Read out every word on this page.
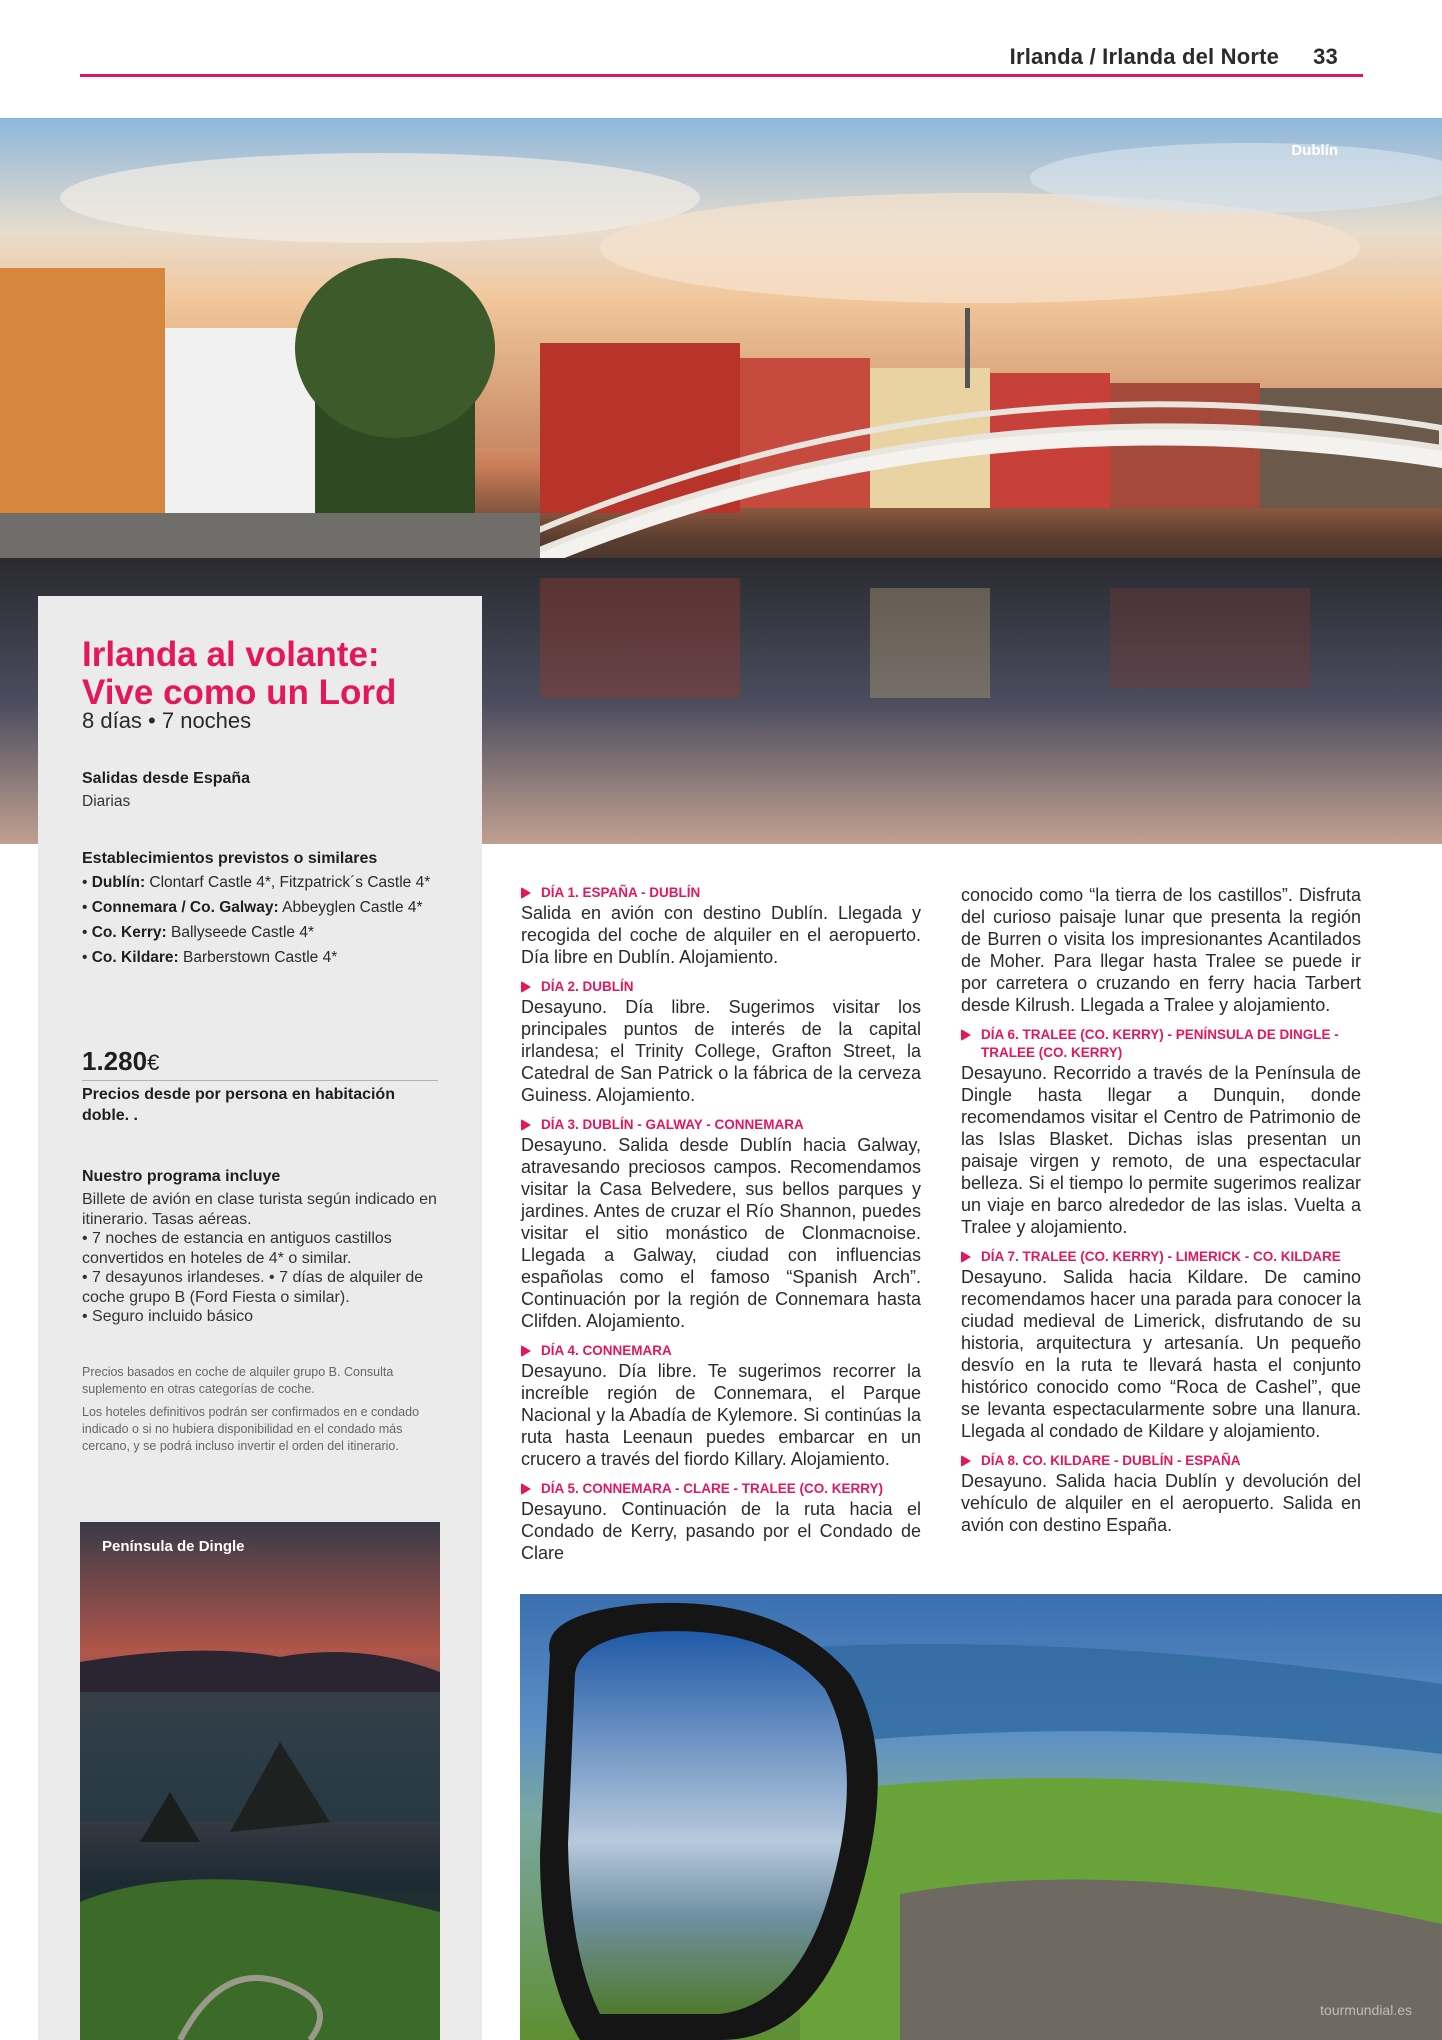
Irlanda / Irlanda del Norte 33
Dublín
Irlanda al volante:
Vive como un Lord
8 días • 7 noches
Salidas desde España
Diarias
Establecimientos previstos o similares
• Dublín: Clontarf Castle 4*, Fitzpatrick´s Castle 4*
• Connemara / Co. Galway: Abbeyglen Castle 4*
• Co. Kerry: Ballyseede Castle 4*
• Co. Kildare: Barberstown Castle 4*
1.280€
Precios desde por persona en habitación doble. .
Nuestro programa incluye
Billete de avión en clase turista según indicado en itinerario. Tasas aéreas.
• 7 noches de estancia en antiguos castillos convertidos en hoteles de 4* o similar.
• 7 desayunos irlandeses. • 7 días de alquiler de coche grupo B (Ford Fiesta o similar).
• Seguro incluido básico
Precios basados en coche de alquiler grupo B. Consulta suplemento en otras categorías de coche.
Los hoteles definitivos podrán ser confirmados en e condado indicado o si no hubiera disponibilidad en el condado más cercano, y se podrá incluso invertir el orden del itinerario.
Península de Dingle
DÍA 1. ESPAÑA - DUBLÍN

Salida en avión con destino Dublín. Llegada y recogida del coche de alquiler en el aeropuerto. Día libre en Dublín. Alojamiento.

DÍA 2. DUBLÍN

Desayuno. Día libre. Sugerimos visitar los principales puntos de interés de la capital irlandesa; el Trinity College, Grafton Street, la Catedral de San Patrick o la fábrica de la cerveza Guiness. Alojamiento.

DÍA 3. DUBLÍN - GALWAY - CONNEMARA

Desayuno. Salida desde Dublín hacia Galway, atravesando preciosos campos. Recomendamos visitar la Casa Belvedere, sus bellos parques y jardines. Antes de cruzar el Río Shannon, puedes visitar el sitio monástico de Clonmacnoise. Llegada a Galway, ciudad con influencias españolas como el famoso “Spanish Arch”. Continuación por la región de Connemara hasta Clifden. Alojamiento.

DÍA 4. CONNEMARA

Desayuno. Día libre. Te sugerimos recorrer la increíble región de Connemara, el Parque Nacional y la Abadía de Kylemore. Si continúas la ruta hasta Leenaun puedes embarcar en un crucero a través del fiordo Killary. Alojamiento.

DÍA 5. CONNEMARA - CLARE - TRALEE (CO. KERRY)

Desayuno. Continuación de la ruta hacia el Condado de Kerry, pasando por el Condado de Clare

conocido como “la tierra de los castillos”. Disfruta del curioso paisaje lunar que presenta la región de Burren o visita los impresionantes Acantilados de Moher. Para llegar hasta Tralee se puede ir por carretera o cruzando en ferry hacia Tarbert desde Kilrush. Llegada a Tralee y alojamiento.

DÍA 6. TRALEE (CO. KERRY) - PENÍNSULA DE DINGLE - TRALEE (CO. KERRY)

Desayuno. Recorrido a través de la Península de Dingle hasta llegar a Dunquin, donde recomendamos visitar el Centro de Patrimonio de las Islas Blasket. Dichas islas presentan un paisaje virgen y remoto, de una espectacular belleza. Si el tiempo lo permite sugerimos realizar un viaje en barco alrededor de las islas. Vuelta a Tralee y alojamiento.

DÍA 7. TRALEE (CO. KERRY) - LIMERICK - CO. KILDARE

Desayuno. Salida hacia Kildare. De camino recomendamos hacer una parada para conocer la ciudad medieval de Limerick, disfrutando de su historia, arquitectura y artesanía. Un pequeño desvío en la ruta te llevará hasta el conjunto histórico conocido como “Roca de Cashel”, que se levanta espectacularmente sobre una llanura. Llegada al condado de Kildare y alojamiento.

DÍA 8. CO. KILDARE - DUBLÍN - ESPAÑA

Desayuno. Salida hacia Dublín y devolución del vehículo de alquiler en el aeropuerto. Salida en avión con destino España.

tourmundial.es
